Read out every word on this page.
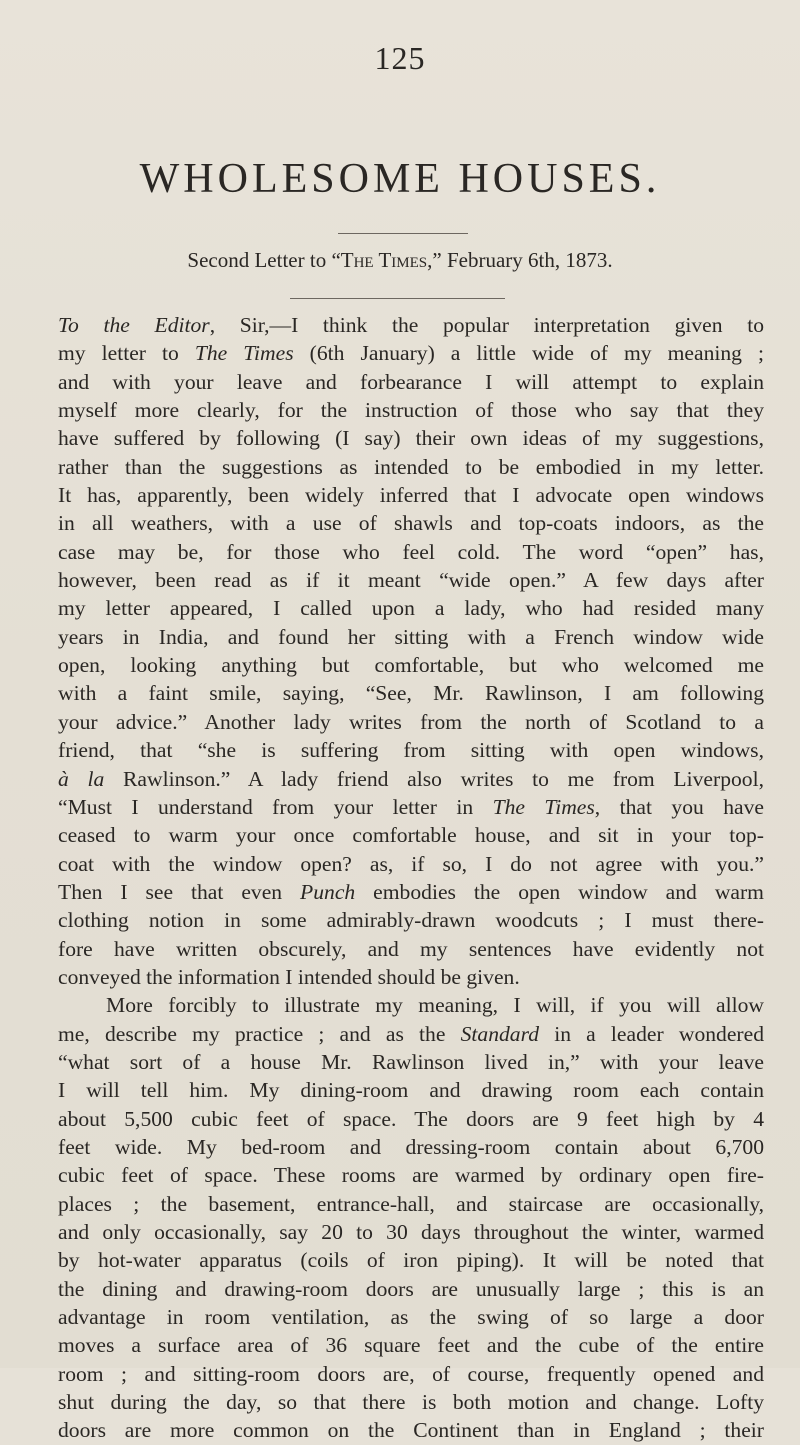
125
WHOLESOME HOUSES.
Second Letter to “The Times,” February 6th, 1873.
To the Editor, Sir,—I think the popular interpretation given to
my letter to The Times (6th January) a little wide of my meaning ;
and with your leave and forbearance I will attempt to explain
myself more clearly, for the instruction of those who say that they
have suffered by following (I say) their own ideas of my suggestions,
rather than the suggestions as intended to be embodied in my letter.
It has, apparently, been widely inferred that I advocate open windows
in all weathers, with a use of shawls and top-coats indoors, as the
case may be, for those who feel cold. The word “open” has,
however, been read as if it meant “wide open.” A few days after
my letter appeared, I called upon a lady, who had resided many
years in India, and found her sitting with a French window wide
open, looking anything but comfortable, but who welcomed me
with a faint smile, saying, “See, Mr. Rawlinson, I am following
your advice.” Another lady writes from the north of Scotland to a
friend, that “she is suffering from sitting with open windows,
à la Rawlinson.” A lady friend also writes to me from Liverpool,
“Must I understand from your letter in The Times, that you have
ceased to warm your once comfortable house, and sit in your top-
coat with the window open? as, if so, I do not agree with you.”
Then I see that even Punch embodies the open window and warm
clothing notion in some admirably-drawn woodcuts ; I must there-
fore have written obscurely, and my sentences have evidently not
conveyed the information I intended should be given.
More forcibly to illustrate my meaning, I will, if you will allow
me, describe my practice ; and as the Standard in a leader wondered
“what sort of a house Mr. Rawlinson lived in,” with your leave
I will tell him. My dining-room and drawing room each contain
about 5,500 cubic feet of space. The doors are 9 feet high by 4
feet wide. My bed-room and dressing-room contain about 6,700
cubic feet of space. These rooms are warmed by ordinary open fire-
places ; the basement, entrance-hall, and staircase are occasionally,
and only occasionally, say 20 to 30 days throughout the winter, warmed
by hot-water apparatus (coils of iron piping). It will be noted that
the dining and drawing-room doors are unusually large ; this is an
advantage in room ventilation, as the swing of so large a door
moves a surface area of 36 square feet and the cube of the entire
room ; and sitting-room doors are, of course, frequently opened and
shut during the day, so that there is both motion and change. Lofty
doors are more common on the Continent than in England ; their
